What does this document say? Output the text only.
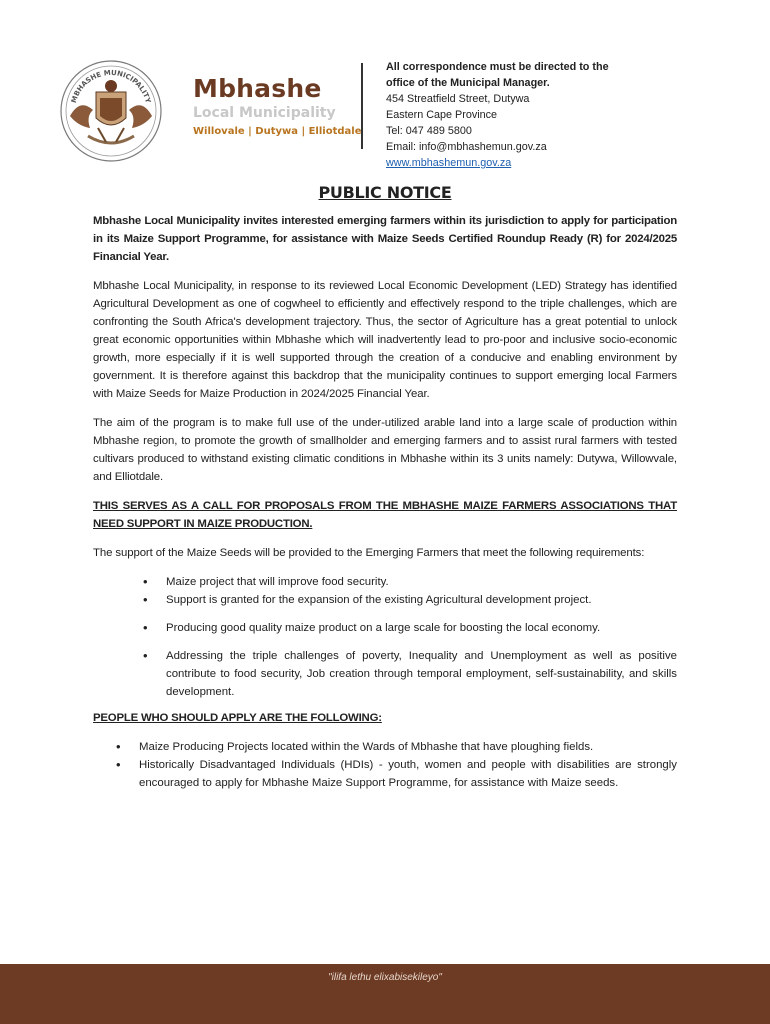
MBHASHE MUNICIPALITY Mbhashe
Local Municipality
Willovale | Dutywa | Elliotdale
All correspondence must be directed to the
office of the Municipal Manager.
454 Streatfield Street, Dutywa
Eastern Cape Province
Tel: 047 489 5800
Email: info@mbhashemun.gov.za
www.mbhashemun.gov.za
PUBLIC NOTICE

Mbhashe Local Municipality invites interested emerging farmers within its jurisdiction to apply for participation in its Maize Support Programme, for assistance with Maize Seeds Certified Roundup Ready (R) for 2024/2025 Financial Year.

Mbhashe Local Municipality, in response to its reviewed Local Economic Development (LED) Strategy has identified Agricultural Development as one of cogwheel to efficiently and effectively respond to the triple challenges, which are confronting the South Africa's development trajectory. Thus, the sector of Agriculture has a great potential to unlock great economic opportunities within Mbhashe which will inadvertently lead to pro-poor and inclusive socio-economic growth, more especially if it is well supported through the creation of a conducive and enabling environment by government. It is therefore against this backdrop that the municipality continues to support emerging local Farmers with Maize Seeds for Maize Production in 2024/2025 Financial Year.

The aim of the program is to make full use of the under-utilized arable land into a large scale of production within Mbhashe region, to promote the growth of smallholder and emerging farmers and to assist rural farmers with tested cultivars produced to withstand existing climatic conditions in Mbhashe within its 3 units namely: Dutywa, Willowvale, and Elliotdale.

THIS SERVES AS A CALL FOR PROPOSALS FROM THE MBHASHE MAIZE FARMERS ASSOCIATIONS THAT NEED SUPPORT IN MAIZE PRODUCTION.

The support of the Maize Seeds will be provided to the Emerging Farmers that meet the following requirements:

• Maize project that will improve food security.
• Support is granted for the expansion of the existing Agricultural development project.
• Producing good quality maize product on a large scale for boosting the local economy.
• Addressing the triple challenges of poverty, Inequality and Unemployment as well as positive contribute to food security, Job creation through temporal employment, self-sustainability, and skills development.
PEOPLE WHO SHOULD APPLY ARE THE FOLLOWING:
• Maize Producing Projects located within the Wards of Mbhashe that have ploughing fields.
• Historically Disadvantaged Individuals (HDIs) - youth, women and people with disabilities are strongly encouraged to apply for Mbhashe Maize Support Programme, for assistance with Maize seeds.
"ilifa lethu elixabisekileyo"
